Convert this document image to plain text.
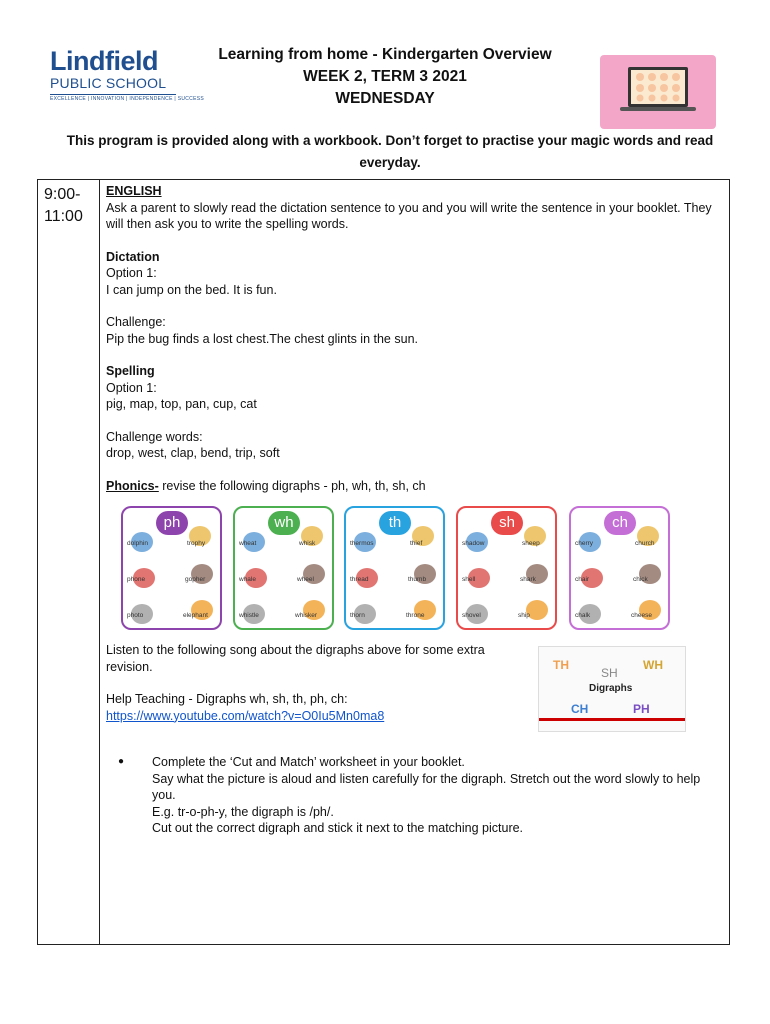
Lindfield
PUBLIC SCHOOL
EXCELLENCE | INNOVATION | INDEPENDENCE | SUCCESS
Learning from home - Kindergarten Overview
WEEK 2, TERM 3 2021
WEDNESDAY
This program is provided along with a workbook. Don’t forget to practise your magic words and read everyday.
9:00-
11:00

ENGLISH

Ask a parent to slowly read the dictation sentence to you and you will write the sentence in your booklet. They will then ask you to write the spelling words.

Dictation

Option 1:

I can jump on the bed. It is fun.

Challenge:

Pip the bug finds a lost chest.The chest glints in the sun.

Spelling

Option 1:

pig, map, top, pan, cup, cat

Challenge words:

drop, west, clap, bend, trip, soft

Phonics- revise the following digraphs - ph, wh, th, sh, ch

ph
dolphin	trophy
phone	gopher
photo	elephant
wh
wheat	whisk
whale	wheel
whistle	whisker
th
thermos	thief
thread	thumb
thorn	throne
sh
shadow	sheep
shell	shark
shovel	ship
ch
cherry	church
chair	chick
chalk	cheese

Listen to the following song about the digraphs above for some extra revision.

Help Teaching - Digraphs wh, sh, th, ph, ch:

https://www.youtube.com/watch?v=O0Iu5Mn0ma8

TH
SH
WH
Digraphs
CH	PH
● Complete the ‘Cut and Match’ worksheet in your booklet.
Say what the picture is aloud and listen carefully for the digraph. Stretch out the word slowly to help you.
E.g. tr-o-ph-y, the digraph is /ph/.
Cut out the correct digraph and stick it next to the matching picture.
